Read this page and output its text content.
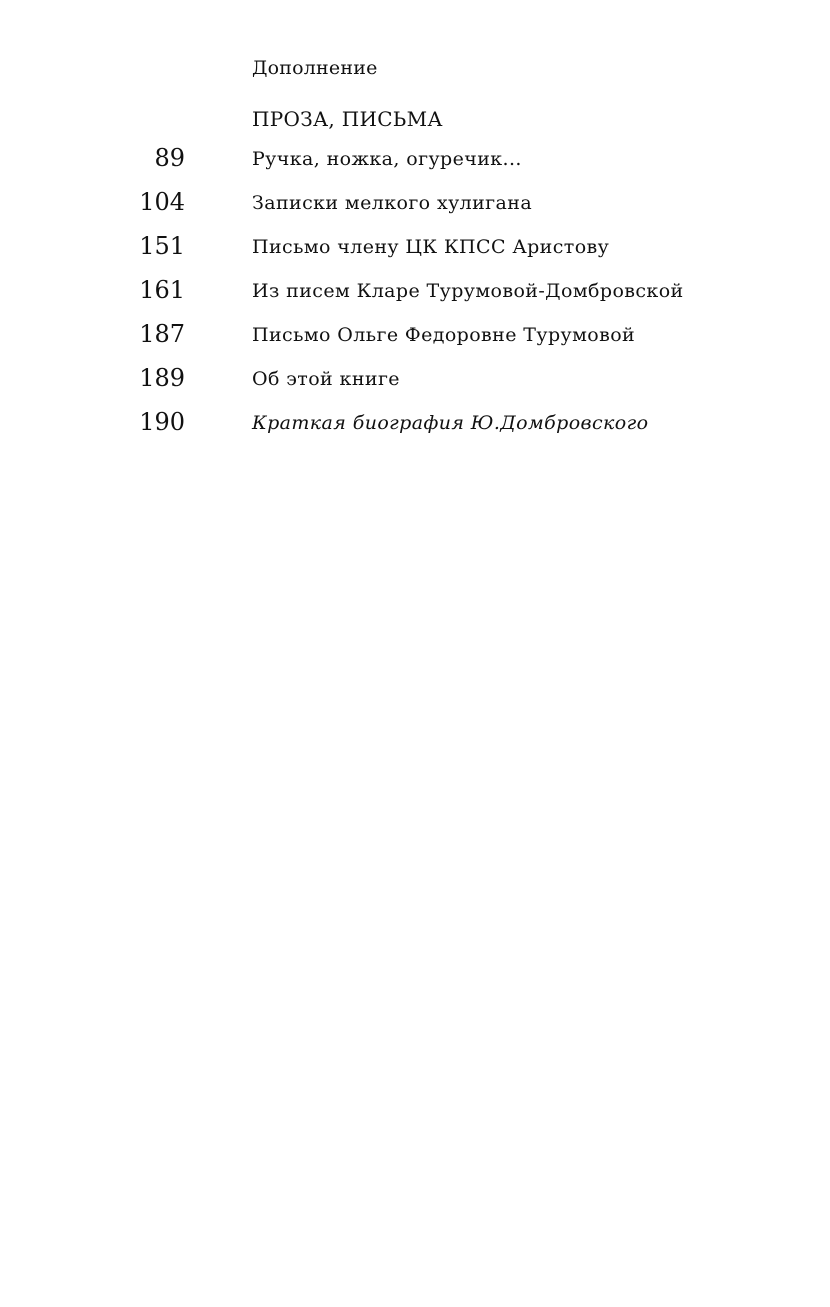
Дополнение
ПРОЗА, ПИСЬМА
89	Ручка, ножка, огуречик...
104	Записки мелкого хулигана
151	Письмо члену ЦК КПСС Аристову
161	Из писем Кларе Турумовой-Домбровской
187	Письмо Ольге Федоровне Турумовой
189	Об этой книге
190	Краткая биография Ю.Домбровского
